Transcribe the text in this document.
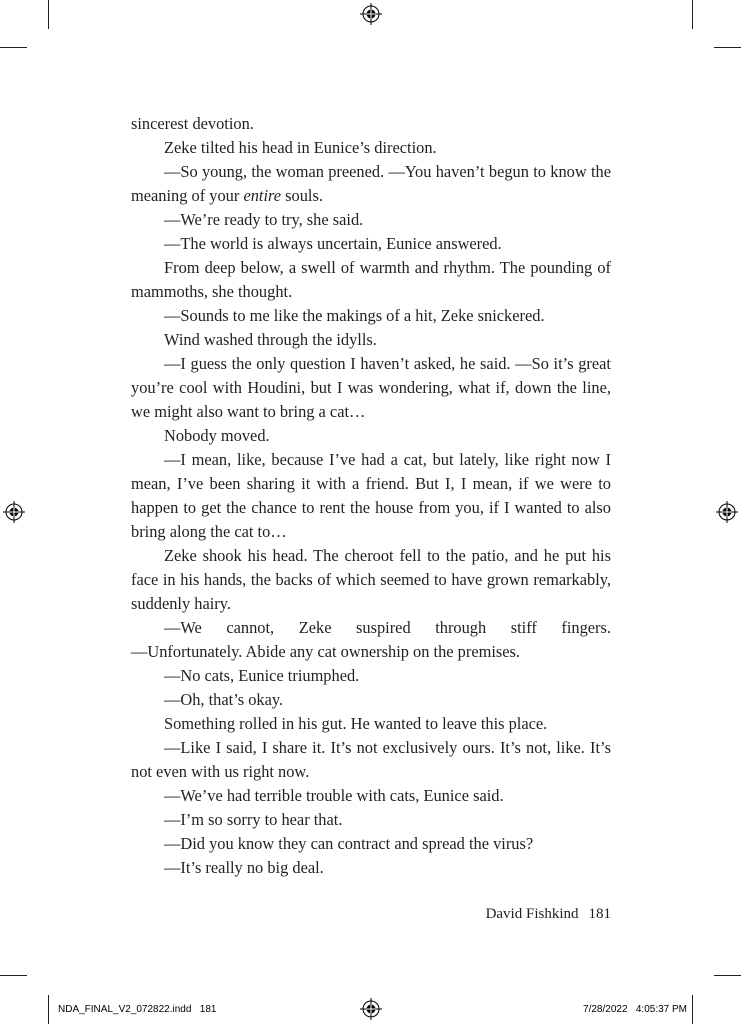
sincerest devotion.

Zeke tilted his head in Eunice’s direction.

—So young, the woman preened. —You haven’t begun to know the meaning of your entire souls.

—We’re ready to try, she said.

—The world is always uncertain, Eunice answered.

From deep below, a swell of warmth and rhythm. The pounding of mammoths, she thought.

—Sounds to me like the makings of a hit, Zeke snickered.

Wind washed through the idylls.

—I guess the only question I haven’t asked, he said. —So it’s great you’re cool with Houdini, but I was wondering, what if, down the line, we might also want to bring a cat…

Nobody moved.

—I mean, like, because I’ve had a cat, but lately, like right now I mean, I’ve been sharing it with a friend. But I, I mean, if we were to happen to get the chance to rent the house from you, if I wanted to also bring along the cat to…

Zeke shook his head. The cheroot fell to the patio, and he put his face in his hands, the backs of which seemed to have grown remarkably, suddenly hairy.

—We cannot, Zeke suspired through stiff fingers.

—Unfortunately. Abide any cat ownership on the premises.

—No cats, Eunice triumphed.

—Oh, that’s okay.

Something rolled in his gut. He wanted to leave this place.

—Like I said, I share it. It’s not exclusively ours. It’s not, like. It’s not even with us right now.

—We’ve had terrible trouble with cats, Eunice said.

—I’m so sorry to hear that.

—Did you know they can contract and spread the virus?

—It’s really no big deal.

David Fishkind 181
NDA_FINAL_V2_072822.indd   181	7/28/2022   4:05:37 PM
